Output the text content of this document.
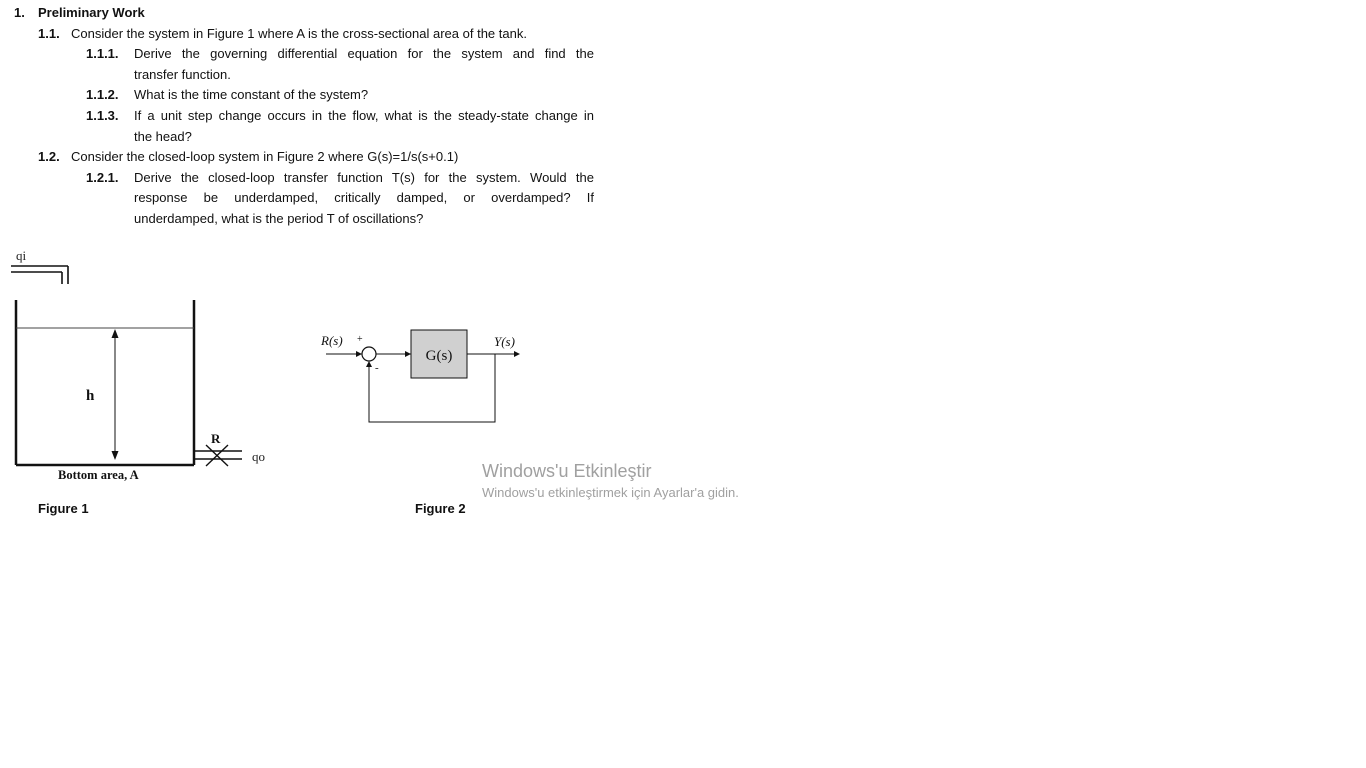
1. Preliminary Work
1.1. Consider the system in Figure 1 where A is the cross-sectional area of the tank.
1.1.1. Derive the governing differential equation for the system and find the
transfer function.
1.1.2. What is the time constant of the system?
1.1.3. If a unit step change occurs in the flow, what is the steady-state change in
the head?
1.2. Consider the closed-loop system in Figure 2 where G(s)=1/s(s+0.1)
1.2.1. Derive the closed-loop transfer function T(s) for the system. Would the
response be underdamped, critically damped, or overdamped? If
underdamped, what is the period T of oscillations?
qi
h
R
qo
Bottom area, A
Figure 1
R(s) +
G(s)
Y(s)
-
Figure 2
Windows'u Etkinleştir
Windows'u etkinleştirmek için Ayarlar'a gidin.
